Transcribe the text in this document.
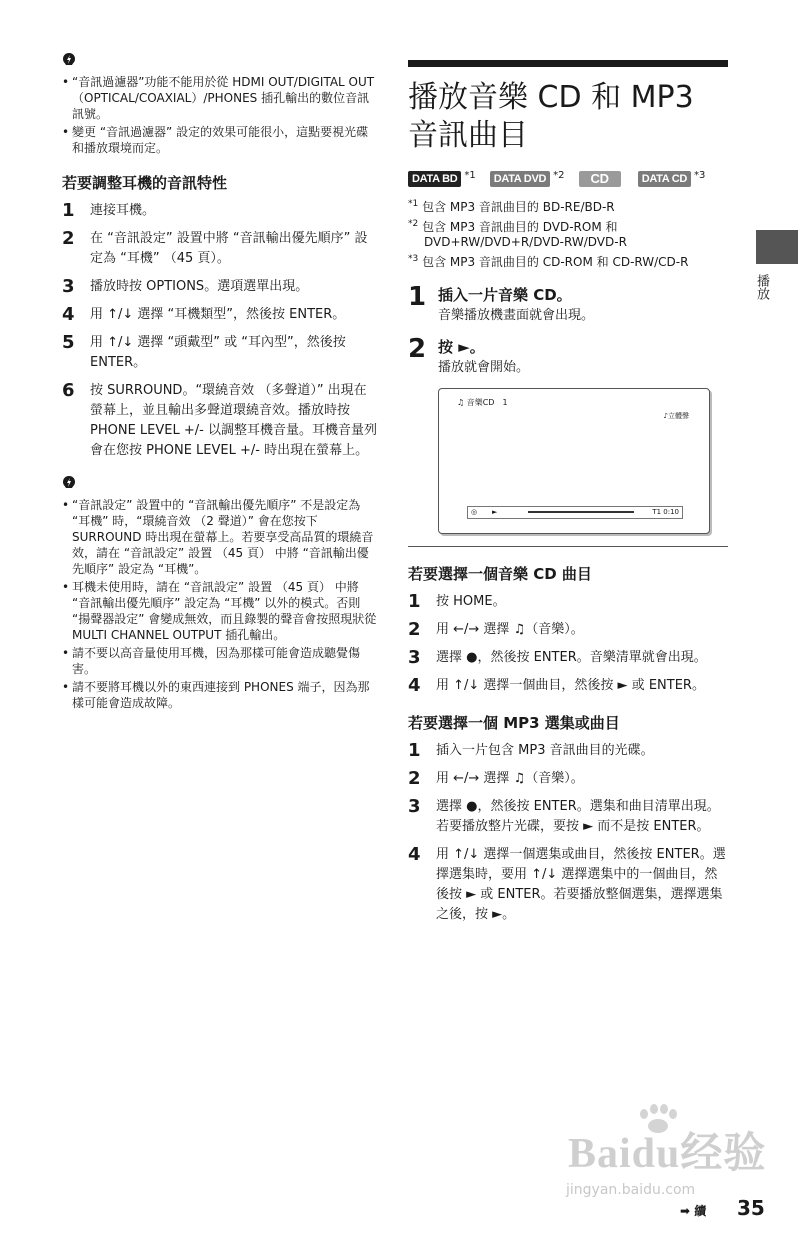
• “音訊過濾器”功能不能用於從 HDMI OUT/DIGITAL OUT （OPTICAL/COAXIAL）/PHONES 插孔輸出的數位音訊訊號。
• 變更 “音訊過濾器” 設定的效果可能很小，這點要視光碟和播放環境而定。
若要調整耳機的音訊特性
1	連接耳機。
2	在 “音訊設定” 設置中將 “音訊輸出優先順序” 設定為 “耳機” （45 頁）。
3	播放時按 OPTIONS。選項選單出現。
4	用 ↑/↓ 選擇 “耳機類型”，然後按 ENTER。
5	用 ↑/↓ 選擇 “頭戴型” 或 “耳內型”，然後按 ENTER。
6	按 SURROUND。“環繞音效 （多聲道）” 出現在螢幕上，並且輸出多聲道環繞音效。播放時按 PHONE LEVEL +/- 以調整耳機音量。耳機音量列會在您按 PHONE LEVEL +/- 時出現在螢幕上。
• “音訊設定” 設置中的 “音訊輸出優先順序” 不是設定為 “耳機” 時，“環繞音效 （2 聲道）” 會在您按下 SURROUND 時出現在螢幕上。若要享受高品質的環繞音效，請在 “音訊設定” 設置 （45 頁） 中將 “音訊輸出優先順序” 設定為 “耳機”。
• 耳機未使用時，請在 “音訊設定” 設置 （45 頁） 中將 “音訊輸出優先順序” 設定為 “耳機” 以外的模式。否則 “揚聲器設定” 會變成無效，而且錄製的聲音會按照現狀從 MULTI CHANNEL OUTPUT 插孔輸出。
• 請不要以高音量使用耳機，因為那樣可能會造成聽覺傷害。
• 請不要將耳機以外的東西連接到 PHONES 端子，因為那樣可能會造成故障。
播放音樂 CD 和 MP3 音訊曲目
DATA BD *1	DATA DVD *2	CD	DATA CD *3
$^{*1}$ 包含 MP3 音訊曲目的 BD-RE/BD-R
$^{*2}$ 包含 MP3 音訊曲目的 DVD-ROM 和 DVD+RW/DVD+R/DVD-RW/DVD-R
$^{*3}$ 包含 MP3 音訊曲目的 CD-ROM 和 CD-RW/CD-R
1 插入一片音樂 CD。
音樂播放機畫面就會出現。
2 按 ►。
播放就會開始。
♫ 音樂CD　1
♪立體聲
◎ ►	T1 0:10
若要選擇一個音樂 CD 曲目
1	按 HOME。
2	用 ←/→ 選擇 ♫（音樂）。
3	選擇 ●，然後按 ENTER。音樂清單就會出現。
4	用 ↑/↓ 選擇一個曲目，然後按 ► 或 ENTER。
若要選擇一個 MP3 選集或曲目
1	插入一片包含 MP3 音訊曲目的光碟。
2	用 ←/→ 選擇 ♫（音樂）。
3	選擇 ●，然後按 ENTER。選集和曲目清單出現。若要播放整片光碟，要按 ► 而不是按 ENTER。
4	用 ↑/↓ 選擇一個選集或曲目，然後按 ENTER。選擇選集時，要用 ↑/↓ 選擇選集中的一個曲目，然後按 ► 或 ENTER。若要播放整個選集，選擇選集之後，按 ►。
播放
Baidu经验
jingyan.baidu.com
➡ 續 35
